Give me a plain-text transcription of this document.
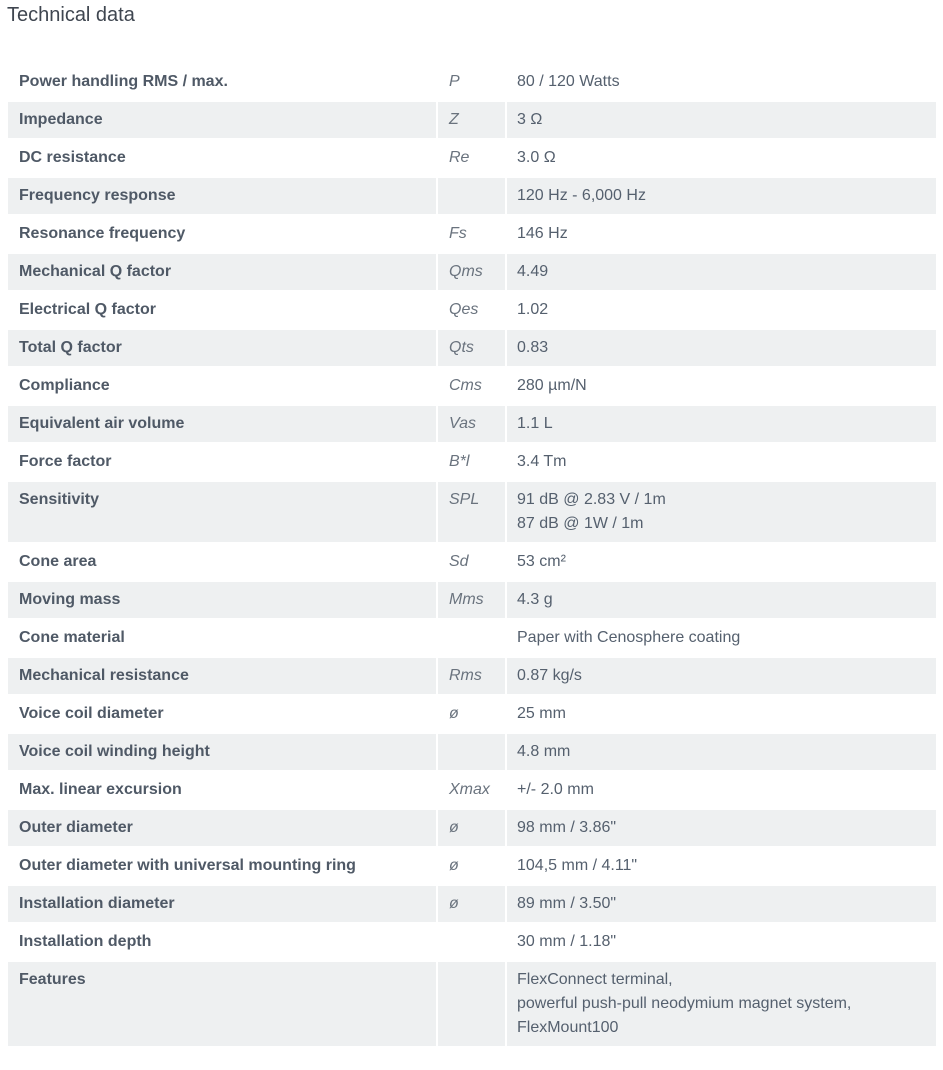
Technical data
Power handling RMS / max.	P	80 / 120 Watts

Impedance	Z	3 Ω

DC resistance	Re	3.0 Ω

Frequency response		120 Hz - 6,000 Hz

Resonance frequency	Fs	146 Hz

Mechanical Q factor	Qms	4.49

Electrical Q factor	Qes	1.02

Total Q factor	Qts	0.83

Compliance	Cms	280 µm/N

Equivalent air volume	Vas	1.1 L

Force factor	B*l	3.4 Tm

Sensitivity	SPL	91 dB @ 2.83 V / 1m
87 dB @ 1W / 1m

Cone area	Sd	53 cm²

Moving mass	Mms	4.3 g

Cone material		Paper with Cenosphere coating

Mechanical resistance	Rms	0.87 kg/s

Voice coil diameter	ø	25 mm

Voice coil winding height		4.8 mm

Max. linear excursion	Xmax	+/- 2.0 mm

Outer diameter	ø	98 mm / 3.86"

Outer diameter with universal mounting ring	ø	104,5 mm / 4.11"

Installation diameter	ø	89 mm / 3.50"

Installation depth		30 mm / 1.18"

Features		FlexConnect terminal,
powerful push-pull neodymium magnet system,
FlexMount100
